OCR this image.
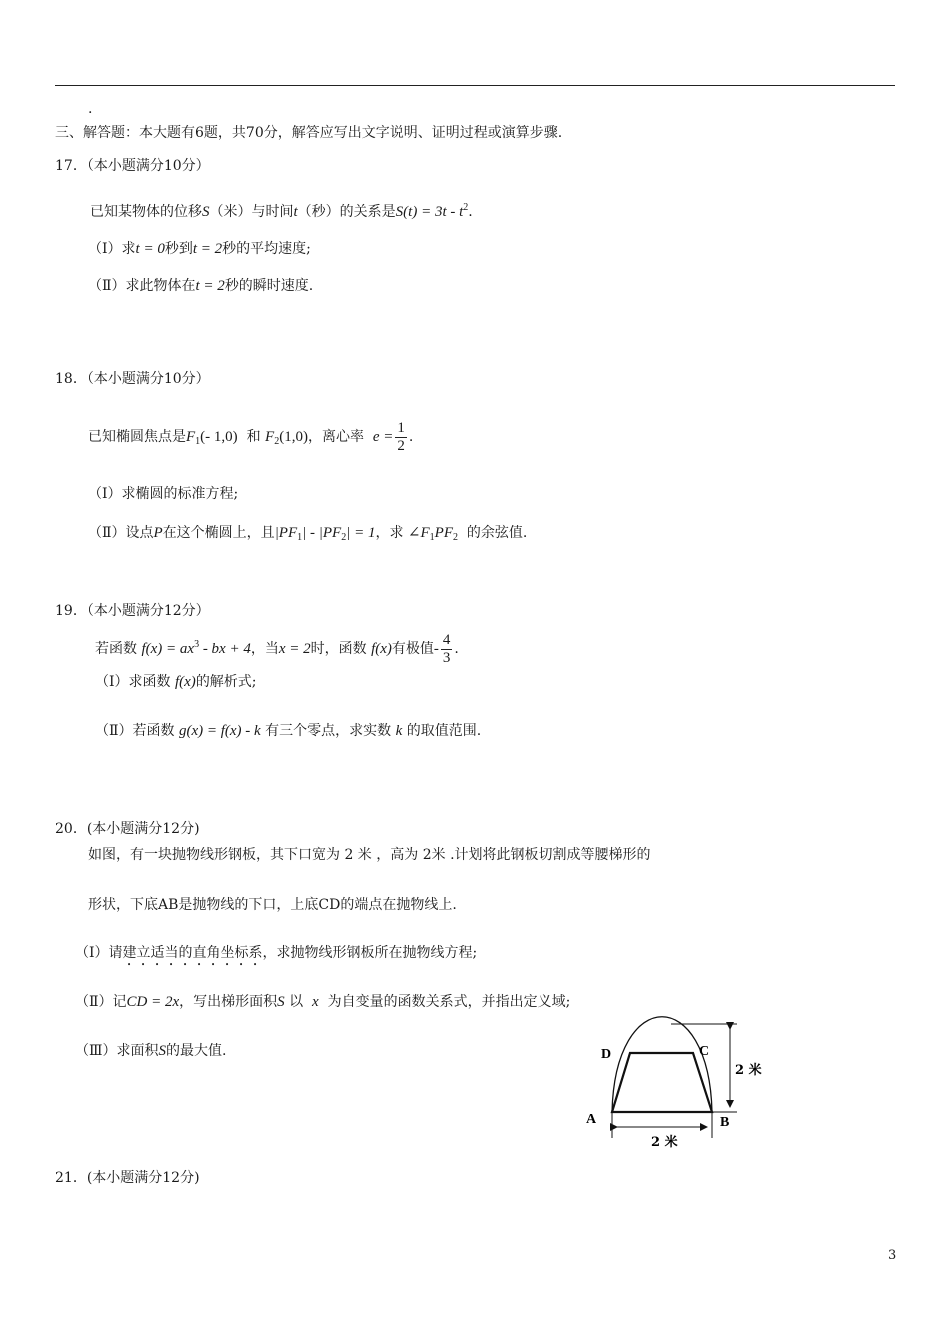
.
三、解答题：本大题有6题，共70分，解答应写出文字说明、证明过程或演算步骤.
17．（本小题满分10分）
已知某物体的位移S（米）与时间t（秒）的关系是$S(t) = 3t - t^2$.
（Ⅰ）求t = 0秒到t = 2秒的平均速度;
（Ⅱ）求此物体在t = 2秒的瞬时速度.
18．（本小题满分10分）
已知椭圆焦点是$F_1(-$ 1,0) 和 $F_2(1,0)$，离心率 $e = \frac{1}{2}$ .
（Ⅰ）求椭圆的标准方程;
（Ⅱ）设点P在这个椭圆上，且$|PF_1| - |PF_2| = 1$，求 $\angle F_1PF_2$ 的余弦值.
19．（本小题满分12分）
若函数 $f(x) = ax^3$ - bx + 4，当x = 2时，函数 f(x)有极值- $\frac{4}{3}$ .
（Ⅰ）求函数 f(x)的解析式;
（Ⅱ）若函数 g(x) = f(x) - k 有三个零点，求实数 k 的取值范围.
20．(本小题满分12分)
如图，有一块抛物线形钢板，其下口宽为 2 米 ，高为 2米 .计划将此钢板切割成等腰梯形的
形状，下底AB是抛物线的下口，上底CD的端点在抛物线上.
（Ⅰ）请建立适当的直角坐标系，求抛物线形钢板所在抛物线方程;
（Ⅱ）记CD = 2x，写出梯形面积S 以 x 为自变量的函数关系式，并指出定义域;
（Ⅲ）求面积S的最大值.	D	C
A	B
2 米
2 米
21．(本小题满分12分)
3
